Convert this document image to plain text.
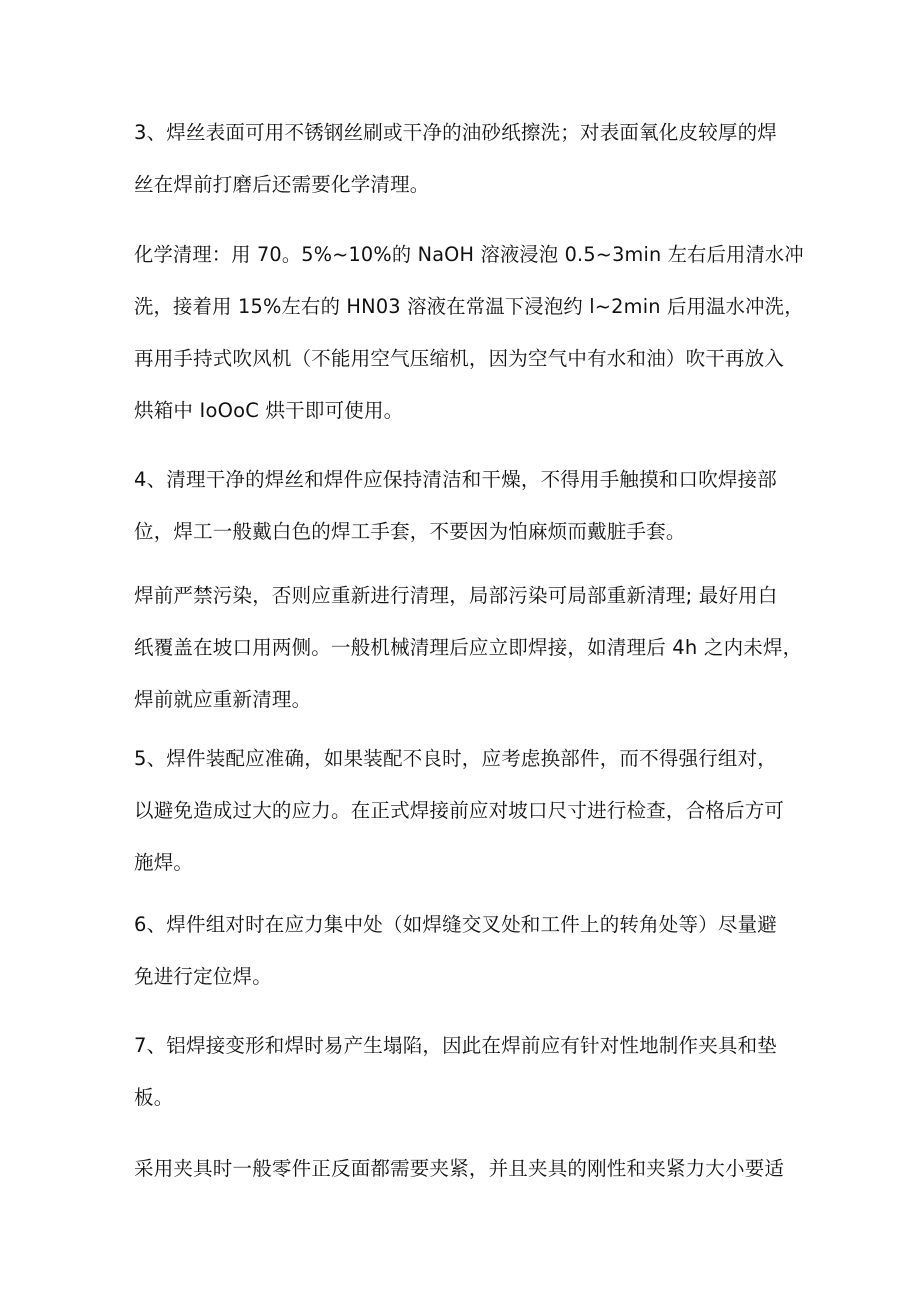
3、焊丝表面可用不锈钢丝刷或干净的油砂纸擦洗；对表面氧化皮较厚的焊
丝在焊前打磨后还需要化学清理。
化学清理：用 70。5%~10%的 NaOH 溶液浸泡 0.5~3min 左右后用清水冲
洗，接着用 15%左右的 HN03 溶液在常温下浸泡约 l~2min 后用温水冲洗，
再用手持式吹风机（不能用空气压缩机，因为空气中有水和油）吹干再放入
烘箱中 IoOoC 烘干即可使用。
4、清理干净的焊丝和焊件应保持清洁和干燥，不得用手触摸和口吹焊接部
位，焊工一般戴白色的焊工手套，不要因为怕麻烦而戴脏手套。
焊前严禁污染，否则应重新进行清理，局部污染可局部重新清理; 最好用白
纸覆盖在坡口用两侧。一般机械清理后应立即焊接，如清理后 4h 之内未焊，
焊前就应重新清理。
5、焊件装配应准确，如果装配不良时，应考虑换部件，而不得强行组对，
以避免造成过大的应力。在正式焊接前应对坡口尺寸进行检查，合格后方可
施焊。
6、焊件组对时在应力集中处（如焊缝交叉处和工件上的转角处等）尽量避
免进行定位焊。
7、铝焊接变形和焊时易产生塌陷，因此在焊前应有针对性地制作夹具和垫
板。
采用夹具时一般零件正反面都需要夹紧，并且夹具的刚性和夹紧力大小要适
